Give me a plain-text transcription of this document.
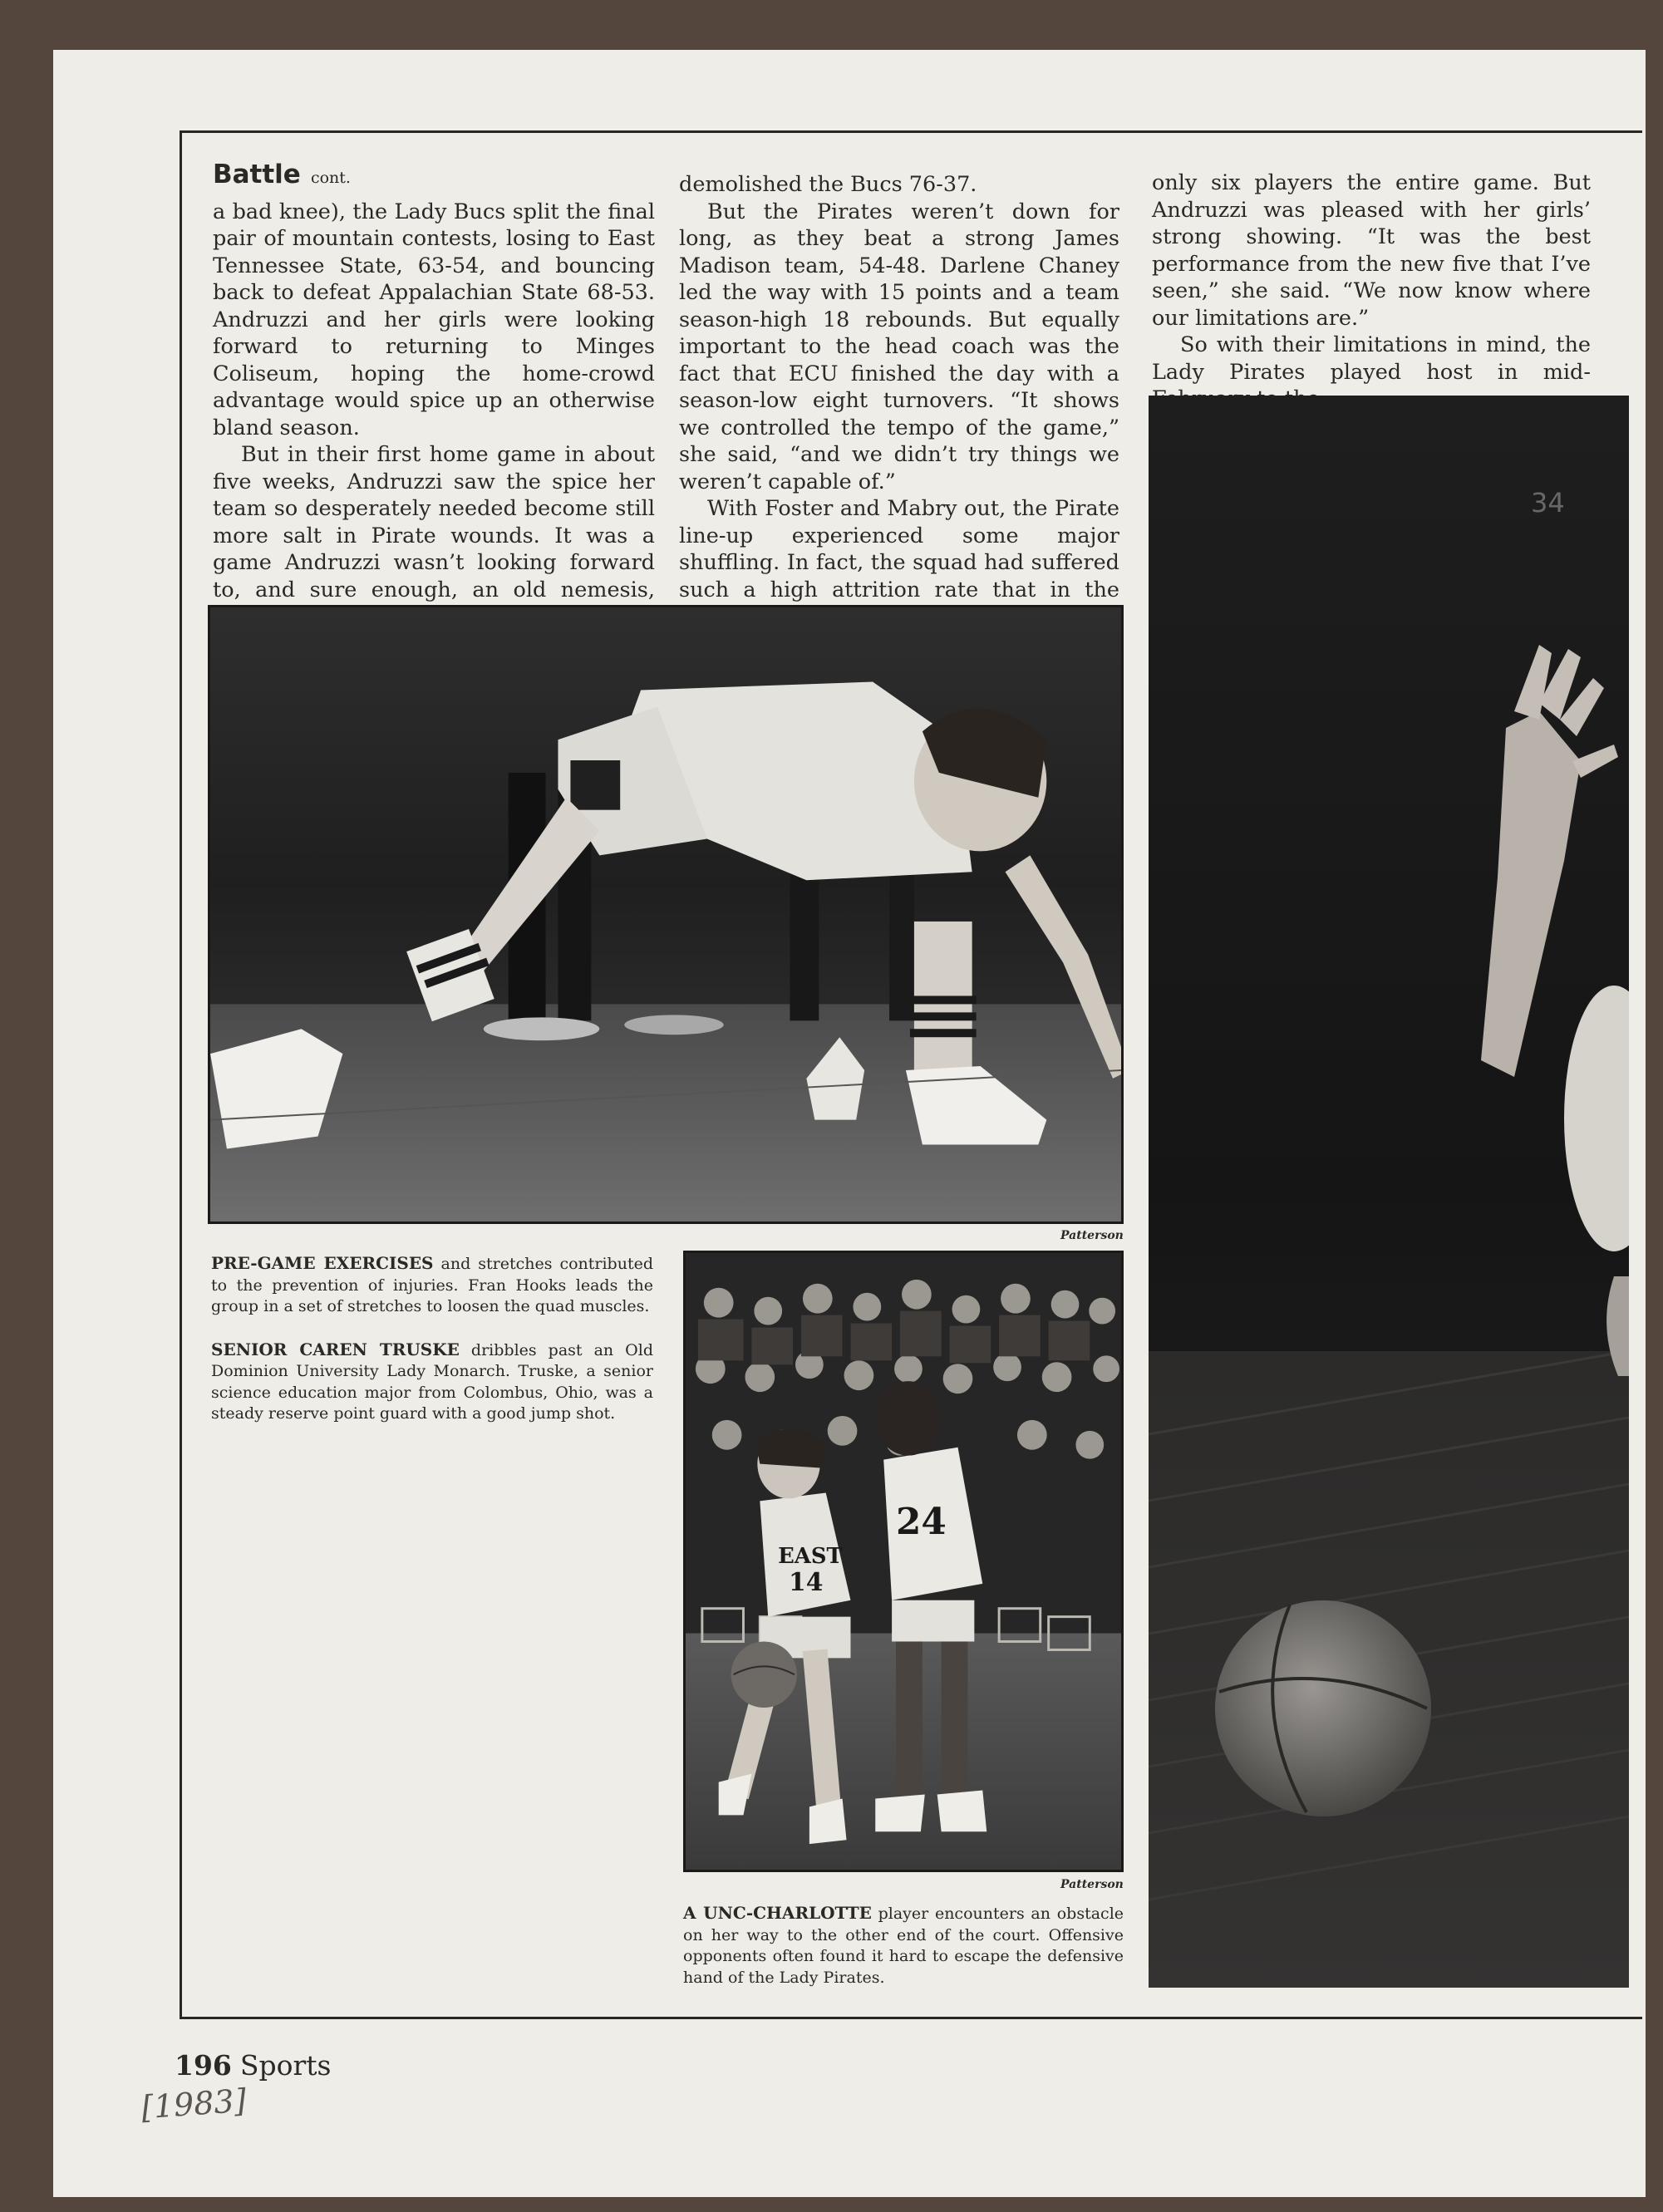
Battle cont.

a bad knee), the Lady Bucs split the final pair of mountain contests, losing to East Tennessee State, 63-54, and bouncing back to defeat Appalachian State 68-53. Andruzzi and her girls were looking forward to returning to Minges Coliseum, hoping the home-crowd advantage would spice up an otherwise bland season.

But in their first home game in about five weeks, Andruzzi saw the spice her team so desperately needed become still more salt in Pirate wounds. It was a game Andruzzi wasn’t looking forward to, and sure enough, an old nemesis,

demolished the Bucs 76-37.

But the Pirates weren’t down for long, as they beat a strong James Madison team, 54-48. Darlene Chaney led the way with 15 points and a team season-high 18 rebounds. But equally important to the head coach was the fact that ECU finished the day with a season-low eight turnovers. “It shows we controlled the tempo of the game,” she said, “and we didn’t try things we weren’t capable of.”

With Foster and Mabry out, the Pirate line-up experienced some major shuffling. In fact, the squad had suffered such a high attrition rate that in the

only six players the entire game. But Andruzzi was pleased with her girls’ strong showing. “It was the best performance from the new five that I’ve seen,” she said. “We now know where our limitations are.”

So with their limitations in mind, the Lady Pirates played host in mid-

Patterson

PRE-GAME EXERCISES and stretches contributed to the prevention of injuries. Fran Hooks leads the group in a set of stretches to loosen the quad muscles.

SENIOR CAREN TRUSKE dribbles past an Old Dominion University Lady Monarch. Truske, a senior science education major from Colombus, Ohio, was a steady reserve point guard with a good jump shot.

EAST
14
24
Patterson

A UNC-CHARLOTTE player encounters an obstacle on her way to the other end of the court. Offensive opponents often found it hard to escape the defensive hand of the Lady Pirates.

34
196 Sports
[1983]
